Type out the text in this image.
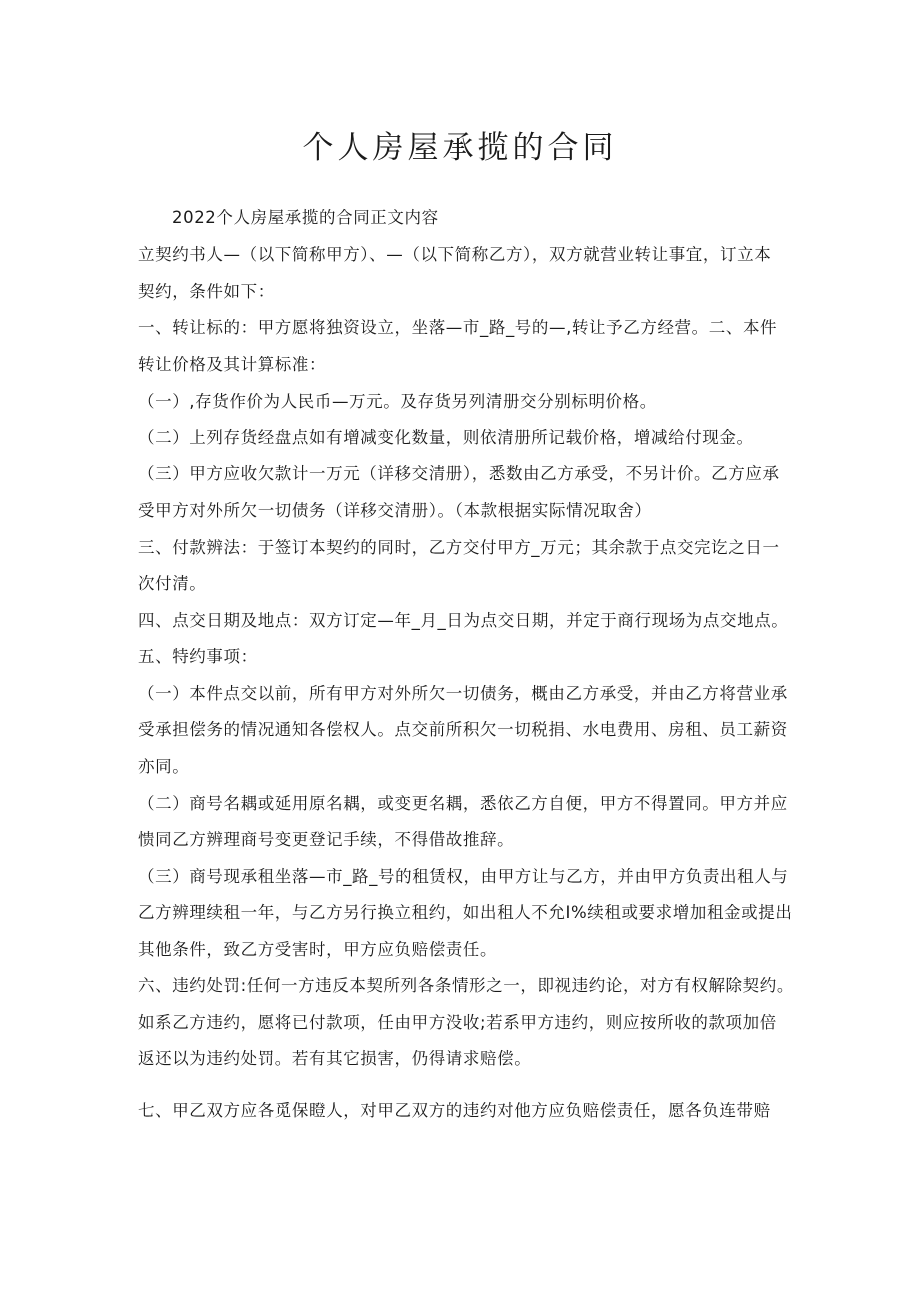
个人房屋承揽的合同

2022个人房屋承揽的合同正文内容

立契约书人—（以下简称甲方）、—（以下简称乙方），双方就营业转让事宜，订立本

契约，条件如下：

一、转让标的：甲方愿将独资设立，坐落—市_路_号的—,转让予乙方经营。二、本件

转让价格及其计算标准：

（一）,存货作价为人民币—万元。及存货另列清册交分别标明价格。

（二）上列存货经盘点如有增减变化数量，则依清册所记载价格，增减给付现金。

（三）甲方应收欠款计一万元（详移交清册），悉数由乙方承受，不另计价。乙方应承

受甲方对外所欠一切债务（详移交清册）。（本款根据实际情况取舍）

三、付款辨法：于签订本契约的同时，乙方交付甲方_万元；其余款于点交完讫之日一

次付清。

四、点交日期及地点：双方订定—年_月_日为点交日期，并定于商行现场为点交地点。

五、特约事项：

（一）本件点交以前，所有甲方对外所欠一切债务，概由乙方承受，并由乙方将营业承

受承担偿务的情况通知各偿权人。点交前所积欠一切税捐、水电费用、房租、员工薪资

亦同。

（二）商号名耦或延用原名耦，或变更名耦，悉依乙方自便，甲方不得置同。甲方并应

愦同乙方辨理商号变更登记手续，不得借故推辞。

（三）商号现承租坐落—市_路_号的租赁权，由甲方让与乙方，并由甲方负责出租人与

乙方辨理续租一年，与乙方另行换立租约，如出租人不允I%续租或要求增加租金或提出

其他条件，致乙方受害时，甲方应负赔偿责任。

六、违约处罚:任何一方违反本契所列各条情形之一，即视违约论，对方有权解除契约。

如系乙方违约，愿将已付款项，任由甲方没收;若系甲方违约，则应按所收的款项加倍

返还以为违约处罚。若有其它损害，仍得请求赔偿。

七、甲乙双方应各觅保瞪人，对甲乙双方的违约对他方应负赔偿责任，愿各负连带赔
